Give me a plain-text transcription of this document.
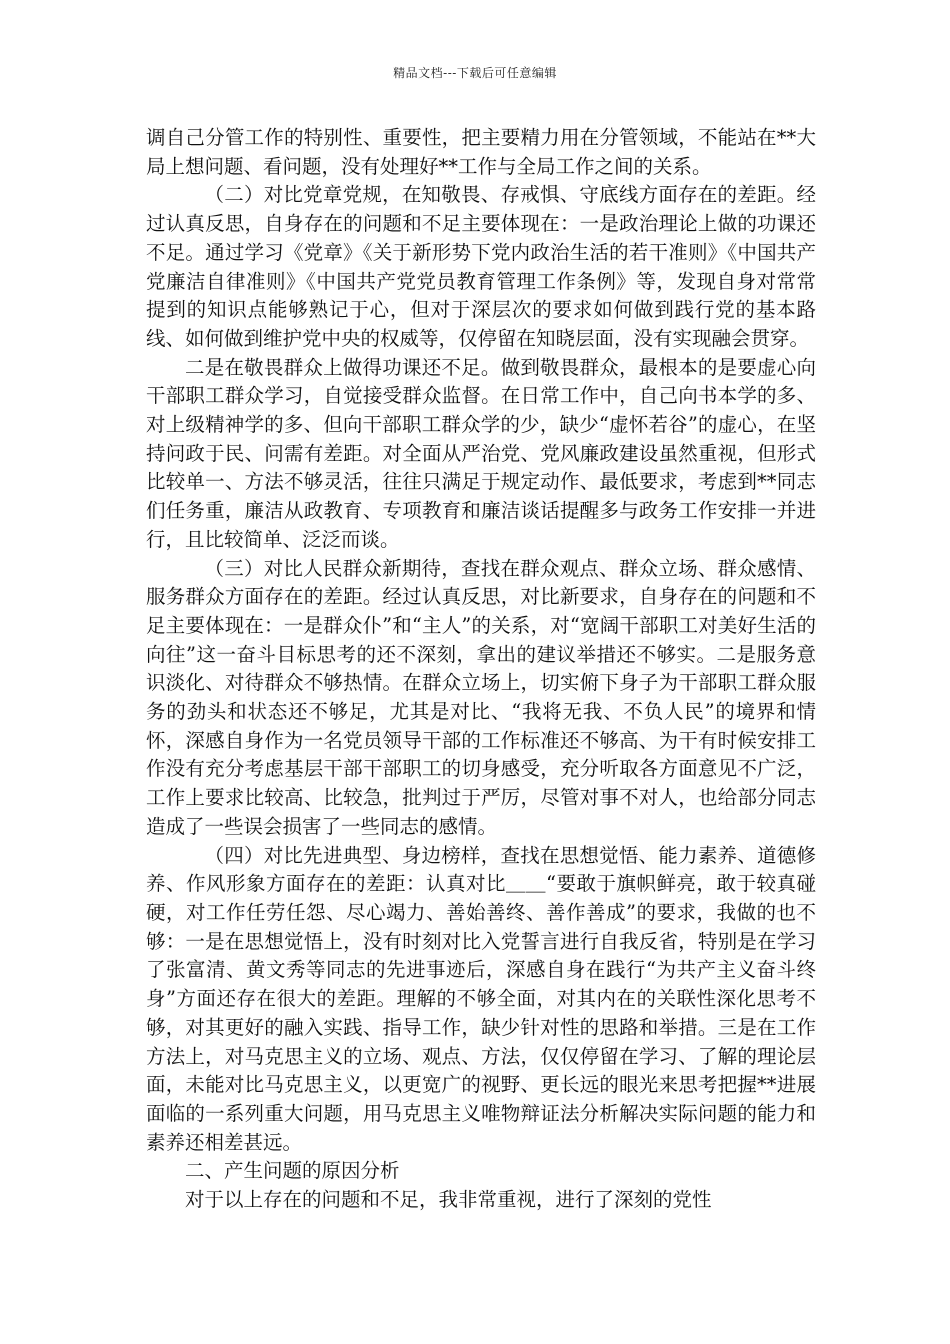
精品文档---下载后可任意编辑

调自己分管工作的特别性、重要性，把主要精力用在分管领域，不能站在**大局上想问题、看问题，没有处理好**工作与全局工作之间的关系。

（二）对比党章党规，在知敬畏、存戒惧、守底线方面存在的差距。经过认真反思，自身存在的问题和不足主要体现在：一是政治理论上做的功课还不足。通过学习《党章》《关于新形势下党内政治生活的若干准则》《中国共产党廉洁自律准则》《中国共产党党员教育管理工作条例》等，发现自身对常常提到的知识点能够熟记于心，但对于深层次的要求如何做到践行党的基本路线、如何做到维护党中央的权威等，仅停留在知晓层面，没有实现融会贯穿。

二是在敬畏群众上做得功课还不足。做到敬畏群众，最根本的是要虚心向干部职工群众学习，自觉接受群众监督。在日常工作中，自己向书本学的多、对上级精神学的多、但向干部职工群众学的少，缺少“虚怀若谷”的虚心，在坚持问政于民、问需有差距。对全面从严治党、党风廉政建设虽然重视，但形式比较单一、方法不够灵活，往往只满足于规定动作、最低要求，考虑到**同志们任务重，廉洁从政教育、专项教育和廉洁谈话提醒多与政务工作安排一并进行，且比较简单、泛泛而谈。

（三）对比人民群众新期待，查找在群众观点、群众立场、群众感情、服务群众方面存在的差距。经过认真反思，对比新要求，自身存在的问题和不足主要体现在：一是群众仆”和“主人”的关系，对“宽阔干部职工对美好生活的向往”这一奋斗目标思考的还不深刻，拿出的建议举措还不够实。二是服务意识淡化、对待群众不够热情。在群众立场上，切实俯下身子为干部职工群众服务的劲头和状态还不够足，尤其是对比、“我将无我、不负人民”的境界和情怀，深感自身作为一名党员领导干部的工作标准还不够高、为干有时候安排工作没有充分考虑基层干部干部职工的切身感受，充分听取各方面意见不广泛，工作上要求比较高、比较急，批判过于严厉，尽管对事不对人，也给部分同志造成了一些误会损害了一些同志的感情。

（四）对比先进典型、身边榜样，查找在思想觉悟、能力素养、道德修养、作风形象方面存在的差距：认真对比＿＿“要敢于旗帜鲜亮，敢于较真碰硬，对工作任劳任怨、尽心竭力、善始善终、善作善成”的要求，我做的也不够：一是在思想觉悟上，没有时刻对比入党誓言进行自我反省，特别是在学习了张富清、黄文秀等同志的先进事迹后，深感自身在践行“为共产主义奋斗终身”方面还存在很大的差距。理解的不够全面，对其内在的关联性深化思考不够，对其更好的融入实践、指导工作，缺少针对性的思路和举措。三是在工作方法上，对马克思主义的立场、观点、方法，仅仅停留在学习、了解的理论层面，未能对比马克思主义，以更宽广的视野、更长远的眼光来思考把握**进展面临的一系列重大问题，用马克思主义唯物辩证法分析解决实际问题的能力和素养还相差甚远。

二、产生问题的原因分析

对于以上存在的问题和不足，我非常重视，进行了深刻的党性
